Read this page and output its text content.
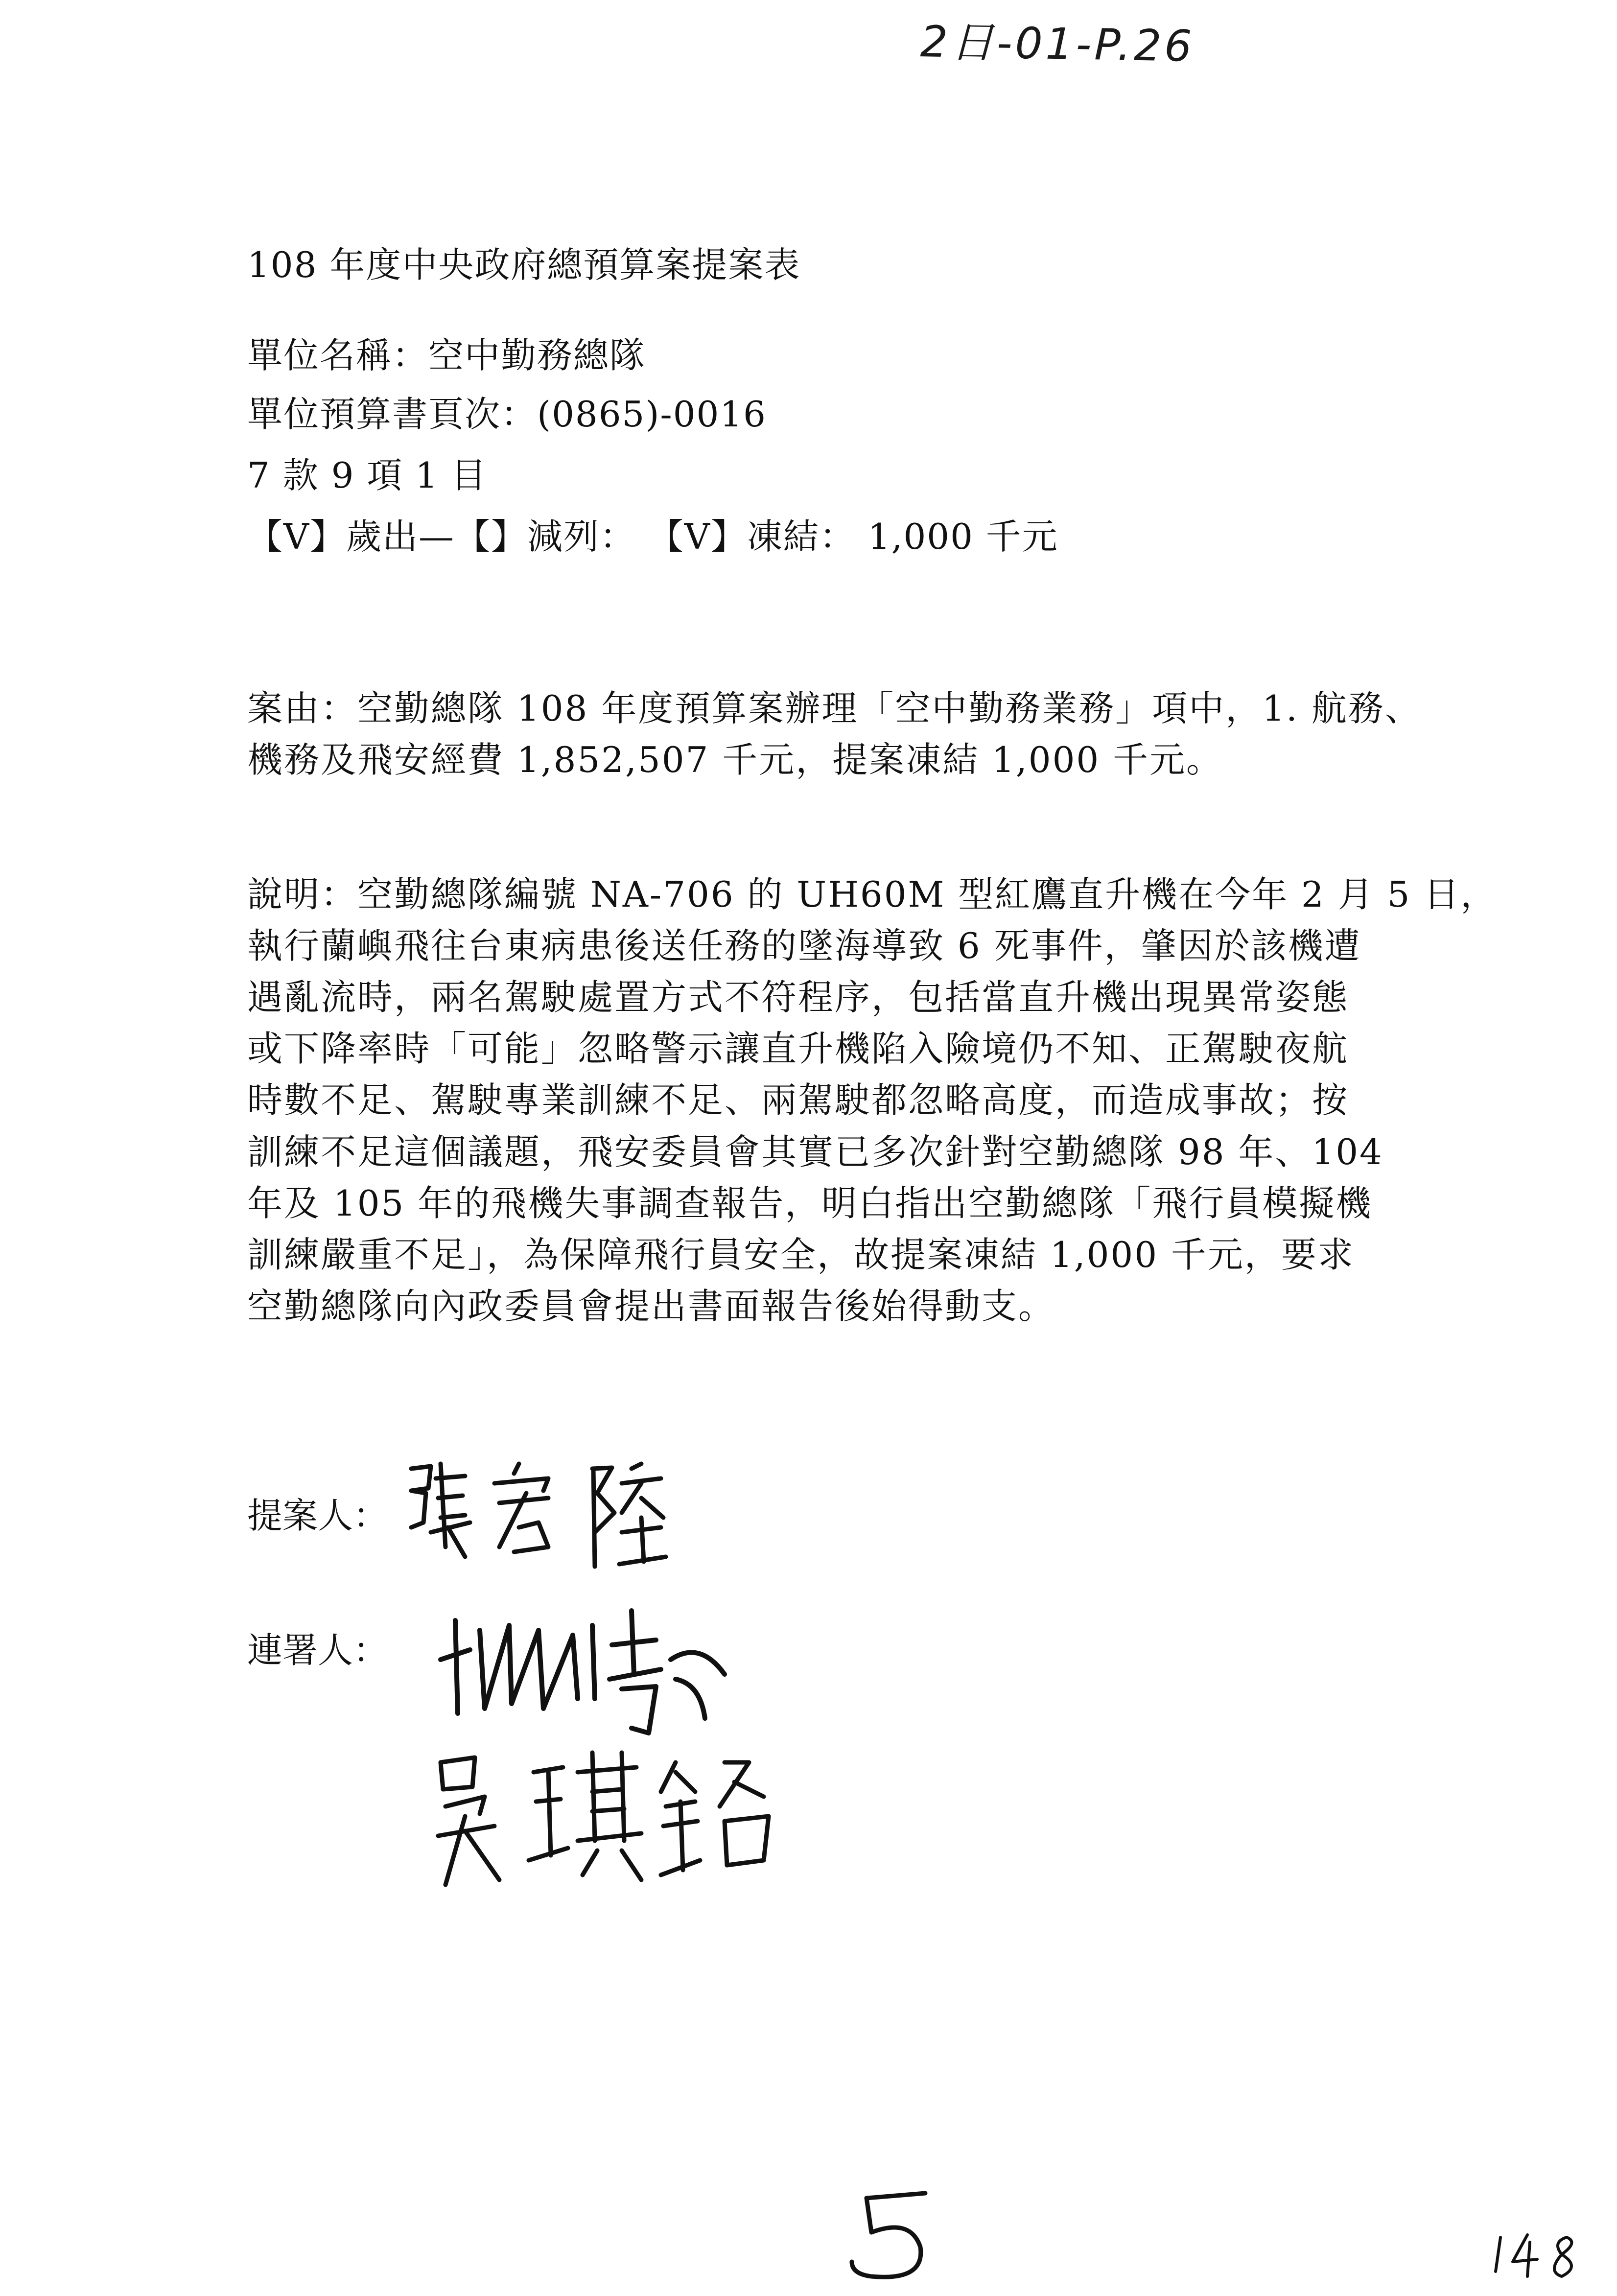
2日-01-P.26
108 年度中央政府總預算案提案表
單位名稱：空中勤務總隊
單位預算書頁次：(0865)-0016
7 款 9 項 1 目
【V】歲出—【】減列： 【V】凍結： 1,000 千元
案由：空勤總隊 108 年度預算案辦理「空中勤務業務」項中，1. 航務、
機務及飛安經費 1,852,507 千元，提案凍結 1,000 千元。
說明：空勤總隊編號 NA-706 的 UH60M 型紅鷹直升機在今年 2 月 5 日，
執行蘭嶼飛往台東病患後送任務的墜海導致 6 死事件，肇因於該機遭
遇亂流時，兩名駕駛處置方式不符程序，包括當直升機出現異常姿態
或下降率時「可能」忽略警示讓直升機陷入險境仍不知、正駕駛夜航
時數不足、駕駛專業訓練不足、兩駕駛都忽略高度，而造成事故；按
訓練不足這個議題，飛安委員會其實已多次針對空勤總隊 98 年、104
年及 105 年的飛機失事調查報告，明白指出空勤總隊「飛行員模擬機
訓練嚴重不足」，為保障飛行員安全，故提案凍結 1,000 千元，要求
空勤總隊向內政委員會提出書面報告後始得動支。
提案人：
連署人：
